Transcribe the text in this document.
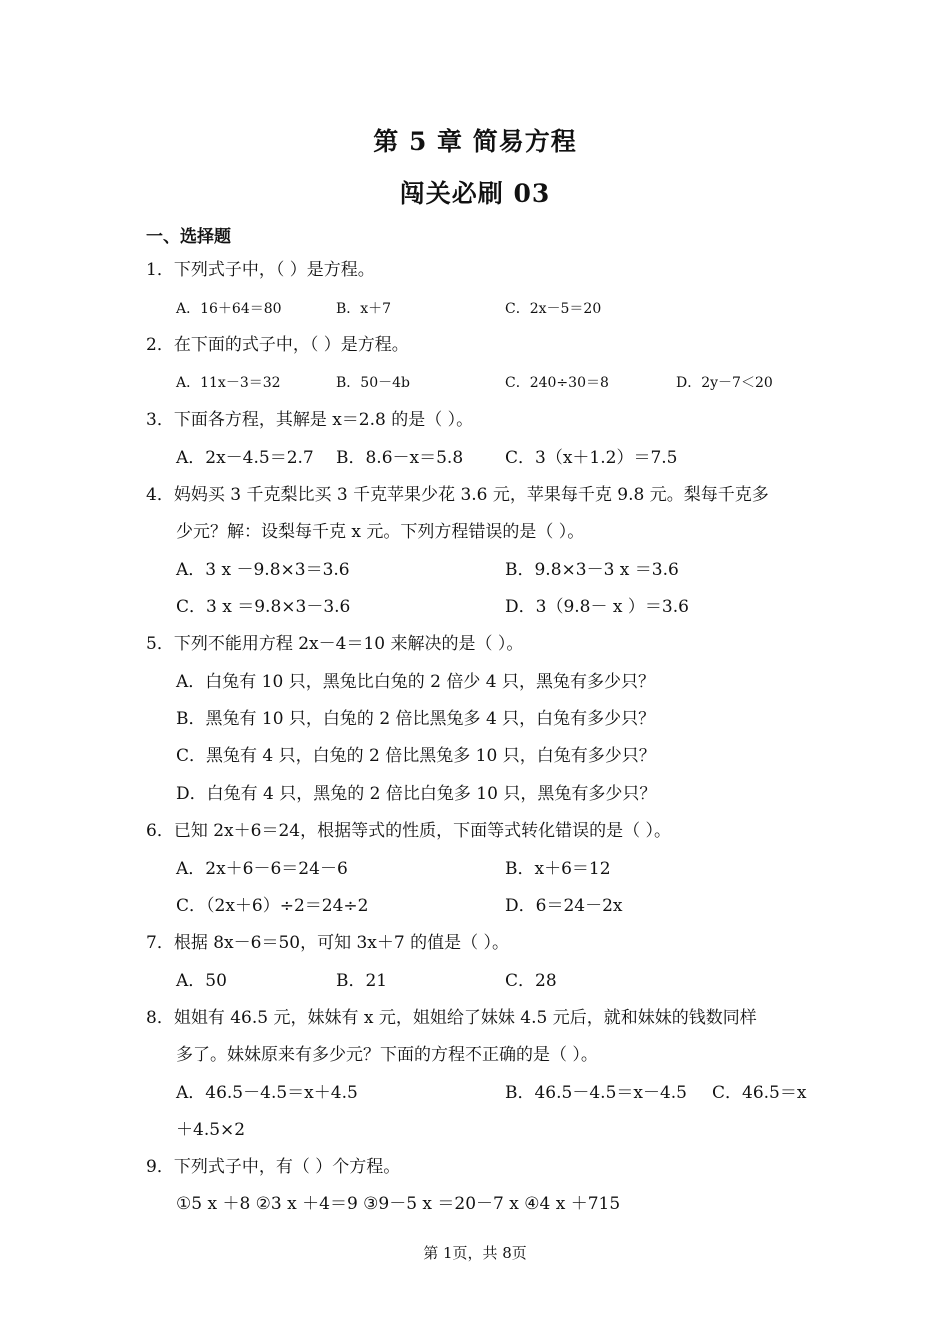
第 5 章 简易方程
闯关必刷 03
一、选择题
1．下列式子中，（ ）是方程。
A．16＋64＝80	B．x＋7	C．2x－5＝20
2．在下面的式子中，（ ）是方程。
A．11x－3＝32	B．50－4b	C．240÷30＝8	D．2y－7＜20
3．下面各方程，其解是 x＝2.8 的是（ ）。
A．2x－4.5＝2.7 B．8.6－x＝5.8 C．3（x＋1.2）＝7.5
4．妈妈买 3 千克梨比买 3 千克苹果少花 3.6 元，苹果每千克 9.8 元。梨每千克多
少元？解：设梨每千克 x 元。下列方程错误的是（ ）。
A．3 x －9.8×3＝3.6	B．9.8×3－3 x ＝3.6
C．3 x ＝9.8×3－3.6	D．3（9.8－ x ）＝3.6
5．下列不能用方程 2x－4＝10 来解决的是（ ）。
A．白兔有 10 只，黑兔比白兔的 2 倍少 4 只，黑兔有多少只？
B．黑兔有 10 只，白兔的 2 倍比黑兔多 4 只，白兔有多少只？
C．黑兔有 4 只，白兔的 2 倍比黑兔多 10 只，白兔有多少只？
D．白兔有 4 只，黑兔的 2 倍比白兔多 10 只，黑兔有多少只？
6．已知 2x＋6＝24，根据等式的性质，下面等式转化错误的是（ ）。
A．2x＋6－6＝24－6	B．x＋6＝12
C．（2x＋6）÷2＝24÷2	D．6＝24－2x
7．根据 8x－6＝50，可知 3x＋7 的值是（ ）。
A．50	B．21	C．28
8．姐姐有 46.5 元，妹妹有 x 元，姐姐给了妹妹 4.5 元后，就和妹妹的钱数同样
多了。妹妹原来有多少元？下面的方程不正确的是（ ）。
A．46.5－4.5＝x＋4.5	B．46.5－4.5＝x－4.5 C．46.5＝x
＋4.5×2
9．下列式子中，有（ ）个方程。
①5 x ＋8 ②3 x ＋4＝9 ③9－5 x ＝20－7 x ④4 x ＋715
第 1页，共 8页
